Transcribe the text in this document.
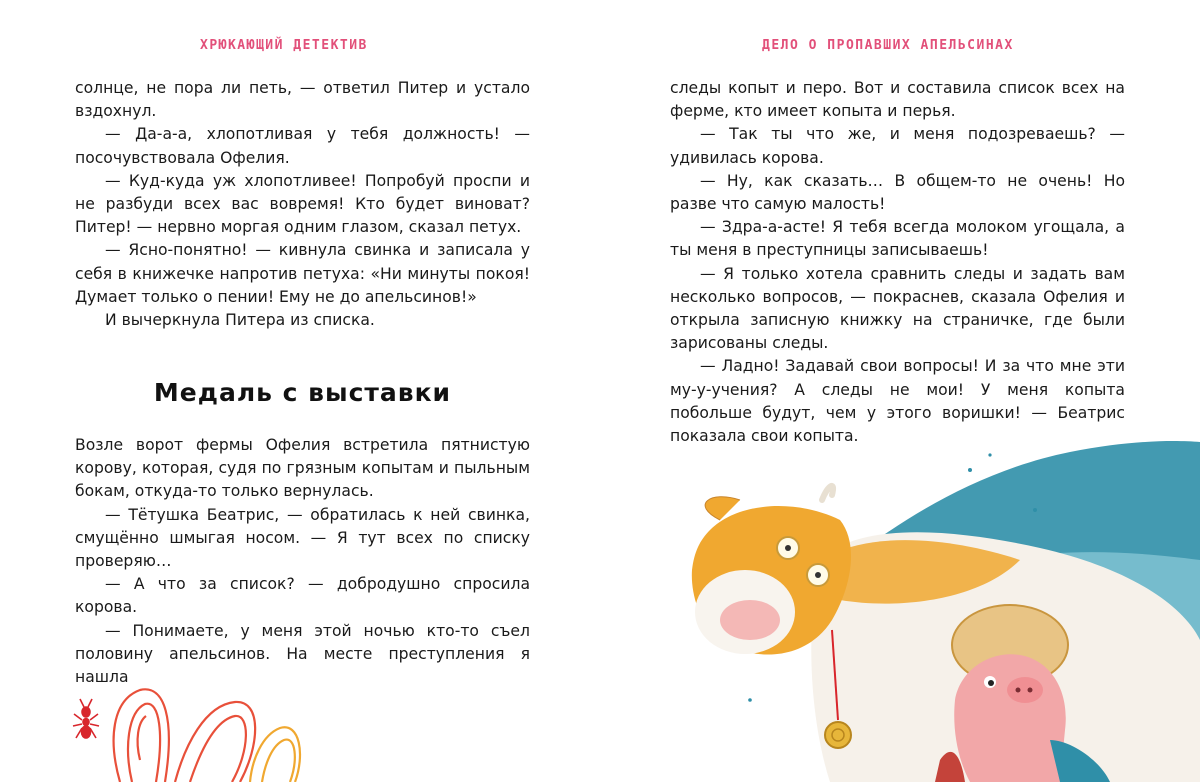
ХРЮКАЮЩИЙ ДЕТЕКТИВ

солнце, не пора ли петь, — ответил Питер и устало вздохнул.

— Да-а-а, хлопотливая у тебя должность! — посочувствовала Офелия.

— Куд-куда уж хлопотливее! Попробуй проспи и не разбуди всех вас вовремя! Кто будет виноват? Питер! — нервно моргая одним глазом, сказал петух.

— Ясно-понятно! — кивнула свинка и записала у себя в книжечке напротив петуха: «Ни минуты покоя! Думает только о пении! Ему не до апельсинов!»

И вычеркнула Питера из списка.

Медаль с выставки

Возле ворот фермы Офелия встретила пятнистую корову, которая, судя по грязным копытам и пыльным бокам, откуда-то только вернулась.

— Тётушка Беатрис, — обратилась к ней свинка, смущённо шмыгая носом. — Я тут всех по списку проверяю…

— А что за список? — добродушно спросила корова.

— Понимаете, у меня этой ночью кто-то съел половину апельсинов. На месте преступления я нашла

ДЕЛО О ПРОПАВШИХ АПЕЛЬСИНАХ

следы копыт и перо. Вот и составила список всех на ферме, кто имеет копыта и перья.

— Так ты что же, и меня подозреваешь? — удивилась корова.

— Ну, как сказать… В общем-то не очень! Но разве что самую малость!

— Здра-а-асте! Я тебя всегда молоком угощала, а ты меня в преступницы записываешь!

— Я только хотела сравнить следы и задать вам несколько вопросов, — покраснев, сказала Офелия и открыла записную книжку на страничке, где были зарисованы следы.

— Ладно! Задавай свои вопросы! И за что мне эти му-у-учения? А следы не мои! У меня копыта побольше будут, чем у этого воришки! — Беатрис показала свои копыта.
